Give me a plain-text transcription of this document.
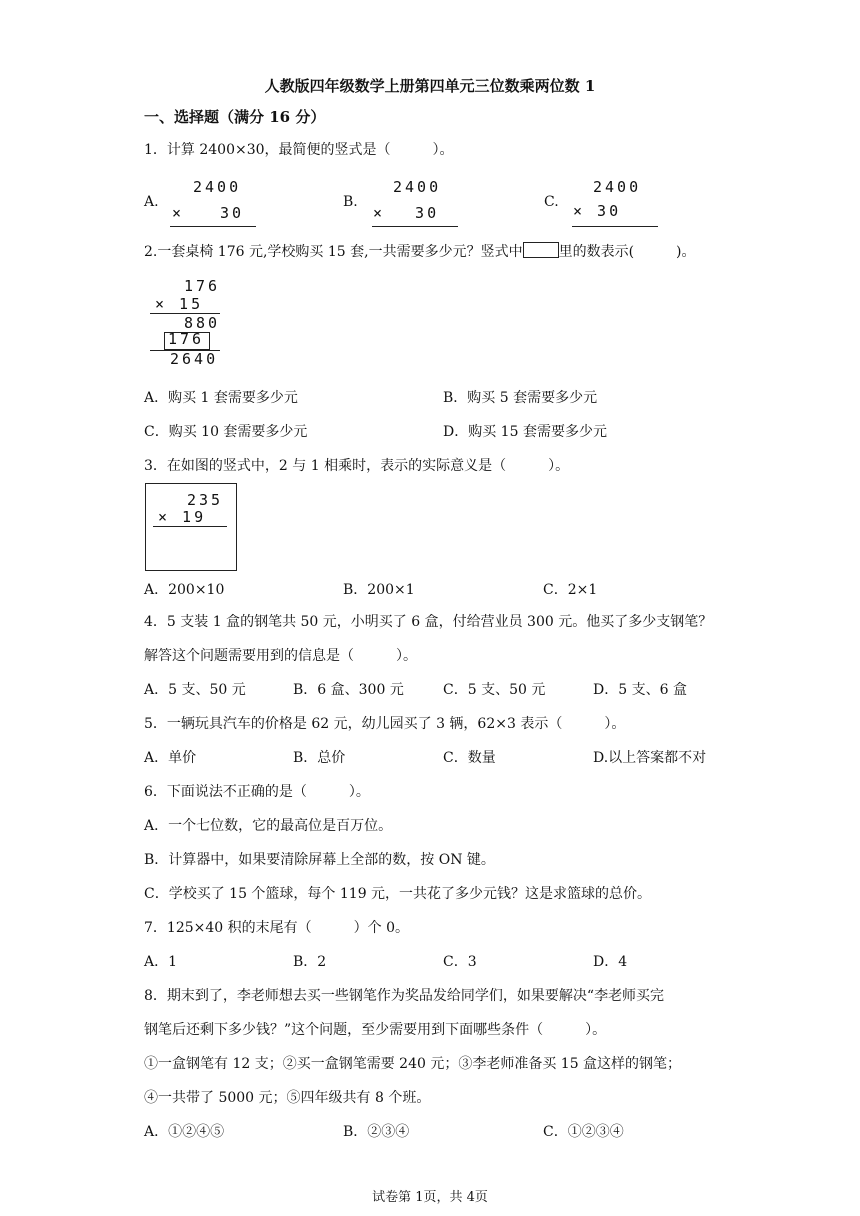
人教版四年级数学上册第四单元三位数乘两位数 1
一、选择题（满分 16 分）
1．计算 2400×30，最简便的竖式是（　　　）。
A.
2400
×　　30
B.
2400
×　 30
C.
2400
× 30
2.一套桌椅 176 元,学校购买 15 套,一共需要多少元？竖式中	里的数表示(　　　)。
176
× 15
880
176
2640
A．购买 1 套需要多少元	B．购买 5 套需要多少元
C．购买 10 套需要多少元	D．购买 15 套需要多少元
3．在如图的竖式中，2 与 1 相乘时，表示的实际意义是（　　　）。
235
× 19
A．200×10	B．200×1	C．2×1
4．5 支装 1 盒的钢笔共 50 元，小明买了 6 盒，付给营业员 300 元。他买了多少支钢笔？
解答这个问题需要用到的信息是（　　　）。
A．5 支、50 元	B．6 盒、300 元	C．5 支、50 元	D．5 支、6 盒
5．一辆玩具汽车的价格是 62 元，幼儿园买了 3 辆，62×3 表示（　　　）。
A．单价	B．总价	C．数量	D.以上答案都不对
6．下面说法不正确的是（　　　）。
A．一个七位数，它的最高位是百万位。
B．计算器中，如果要清除屏幕上全部的数，按 ON 键。
C．学校买了 15 个篮球，每个 119 元，一共花了多少元钱？这是求篮球的总价。
7．125×40 积的末尾有（　　　）个 0。
A．1	B．2	C．3	D．4
8．期末到了，李老师想去买一些钢笔作为奖品发给同学们，如果要解决“李老师买完
钢笔后还剩下多少钱？”这个问题，至少需要用到下面哪些条件（　　　）。
①一盒钢笔有 12 支；②买一盒钢笔需要 240 元；③李老师准备买 15 盒这样的钢笔；
④一共带了 5000 元；⑤四年级共有 8 个班。
A．①②④⑤	B．②③④	C．①②③④
试卷第 1页，共 4页
